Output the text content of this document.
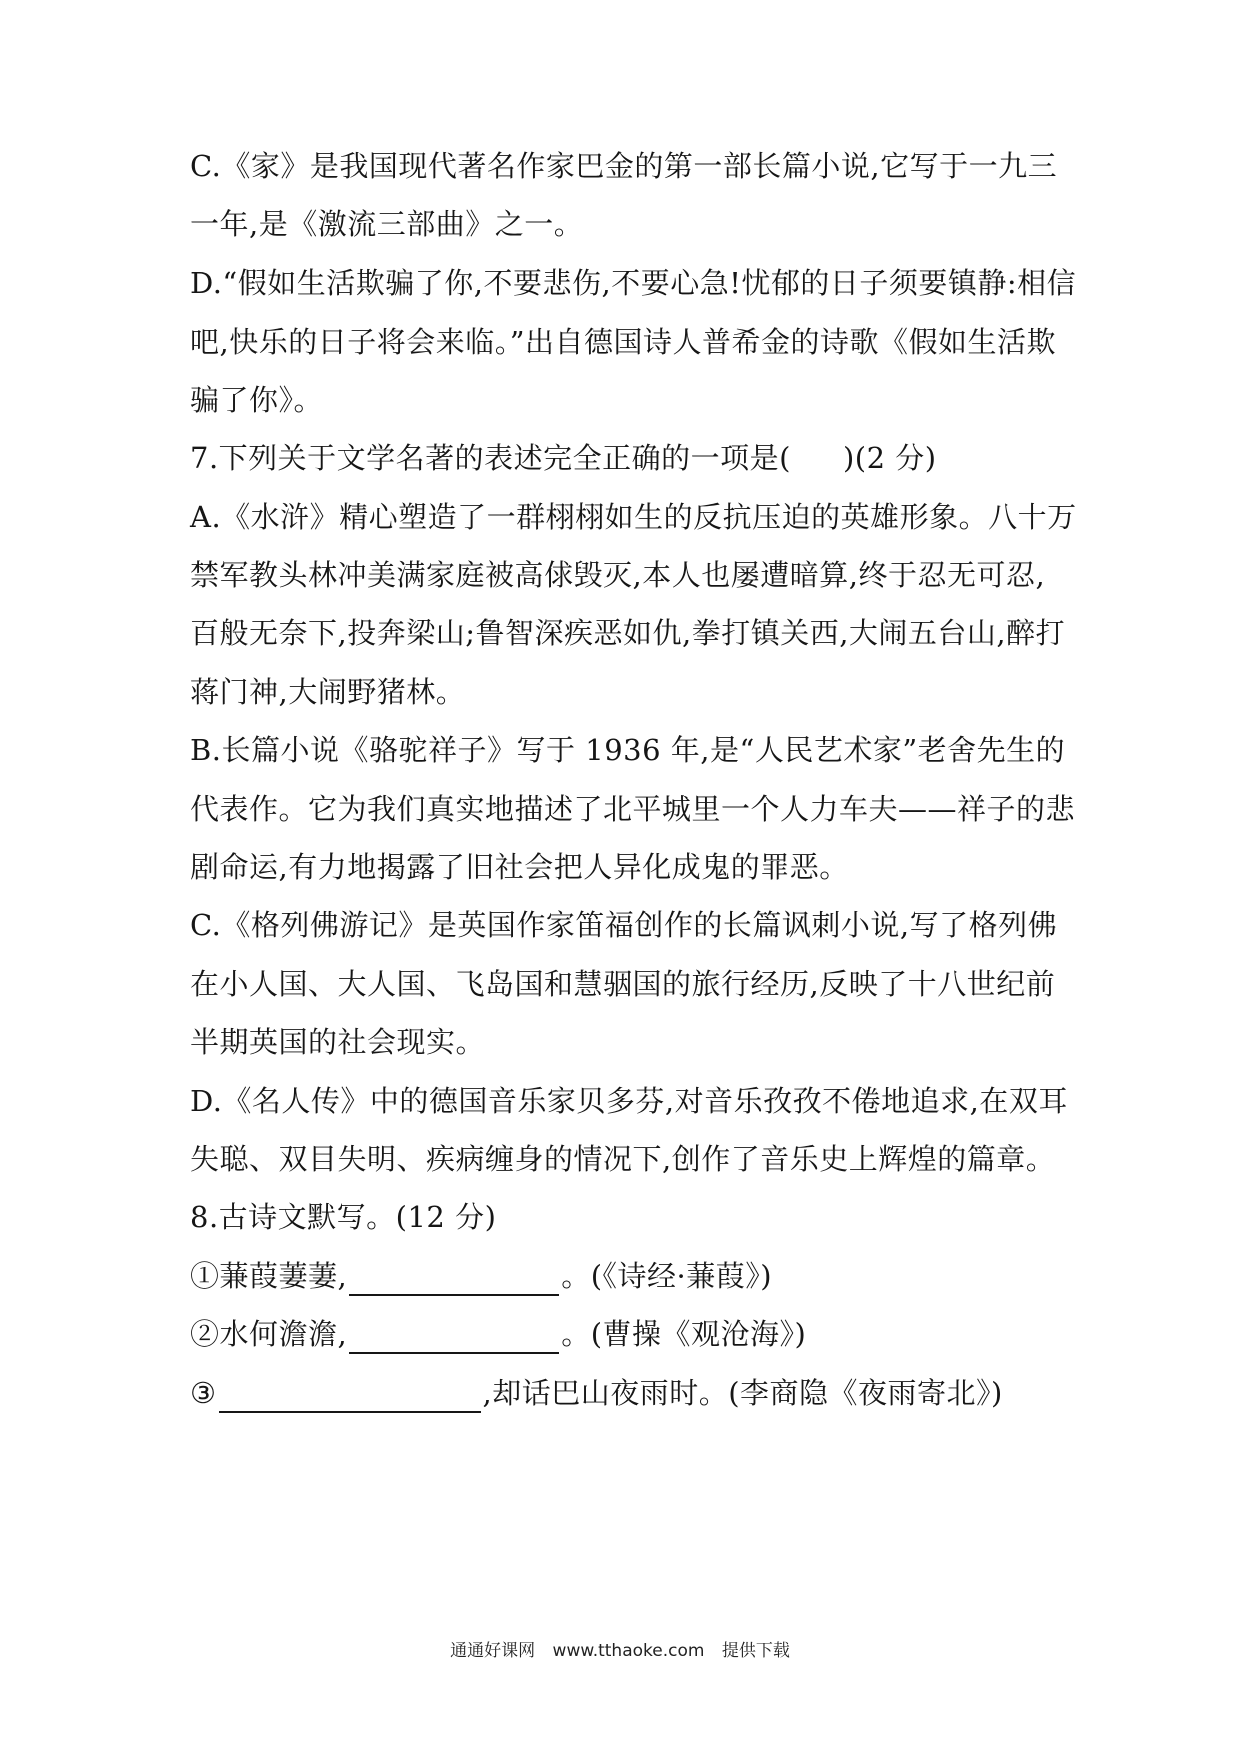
C.《家》是我国现代著名作家巴金的第一部长篇小说,它写于一九三
一年,是《激流三部曲》之一。
D.“假如生活欺骗了你,不要悲伤,不要心急!忧郁的日子须要镇静:相信
吧,快乐的日子将会来临。”出自德国诗人普希金的诗歌《假如生活欺
骗了你》。
7.下列关于文学名著的表述完全正确的一项是( )(2 分)
A.《水浒》精心塑造了一群栩栩如生的反抗压迫的英雄形象。八十万
禁军教头林冲美满家庭被高俅毁灭,本人也屡遭暗算,终于忍无可忍,
百般无奈下,投奔梁山;鲁智深疾恶如仇,拳打镇关西,大闹五台山,醉打
蒋门神,大闹野猪林。
B.长篇小说《骆驼祥子》写于 1936 年,是“人民艺术家”老舍先生的
代表作。它为我们真实地描述了北平城里一个人力车夫——祥子的悲
剧命运,有力地揭露了旧社会把人异化成鬼的罪恶。
C.《格列佛游记》是英国作家笛福创作的长篇讽刺小说,写了格列佛
在小人国、大人国、飞岛国和慧骃国的旅行经历,反映了十八世纪前
半期英国的社会现实。
D.《名人传》中的德国音乐家贝多芬,对音乐孜孜不倦地追求,在双耳
失聪、双目失明、疾病缠身的情况下,创作了音乐史上辉煌的篇章。
8.古诗文默写。(12 分)
①蒹葭萋萋,	。(《诗经·蒹葭》)
②水何澹澹,	。(曹操《观沧海》)
③	,却话巴山夜雨时。(李商隐《夜雨寄北》)
通通好课网 www.tthaoke.com 提供下载
